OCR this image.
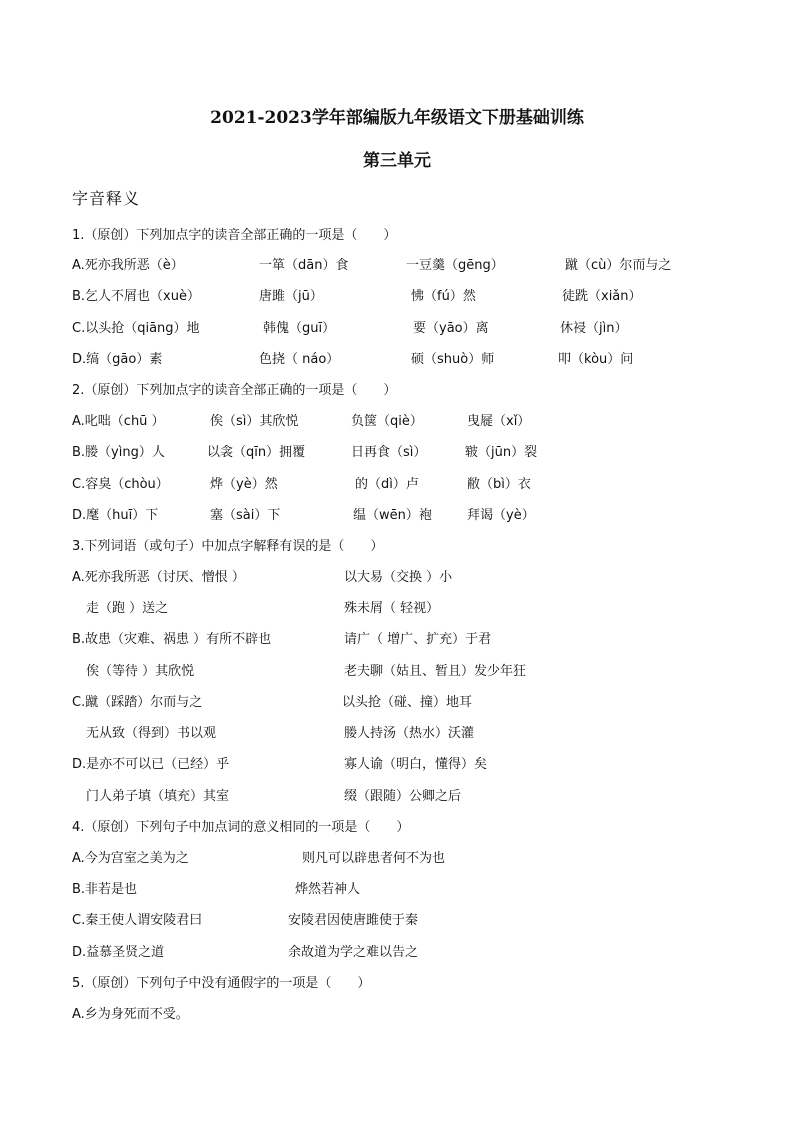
2021-2023学年部编版九年级语文下册基础训练
第三单元
字音释义
1.（原创）下列加点字的读音全部正确的一项是（　　）
A.死亦我所恶（è）	一箪（dān）食	一豆羹（gēng）	蹴（cù）尔而与之
B.乞人不屑也（xuè）	唐雎（jū）	怫（fú）然	徒跣（xiǎn）
C.以头抢（qiāng）地	韩傀（guī）	要（yāo）离	休祲（jìn）
D.缟（gāo）素	色挠（ náo）	硕（shuò）师	叩（kòu）问
2.（原创）下列加点字的读音全部正确的一项是（　　）
A.叱咄（chū ）	俟（sì）其欣悦	负箧（qiè）	曳屣（xǐ）
B.媵（yìng）人	以衾（qīn）拥覆	日再食（sì）	皲（jūn）裂
C.容臭（chòu）	烨（yè）然	的（dì）卢	敝（bì）衣
D.麾（huī）下	塞（sài）下	缊（wēn）袍	拜谒（yè）
3.下列词语（或句子）中加点字解释有误的是（　　）
A.死亦我所恶（讨厌、憎恨 ）	以大易（交换 ）小
走（跑 ）送之	殊未屑（ 轻视）
B.故患（灾难、祸患 ）有所不辟也	请广（ 增广、扩充）于君
俟（等待 ）其欣悦	老夫聊（姑且、暂且）发少年狂
C.蹴（踩踏）尔而与之	以头抢（碰、撞）地耳
无从致（得到）书以观	媵人持汤（热水）沃灌
D.是亦不可以已（已经）乎	寡人谕（明白，懂得）矣
门人弟子填（填充）其室	缀（跟随）公卿之后
4.（原创）下列句子中加点词的意义相同的一项是（　　）
A.今为宫室之美为之	则凡可以辟患者何不为也
B.非若是也	烨然若神人
C.秦王使人谓安陵君曰	安陵君因使唐雎使于秦
D.益慕圣贤之道	余故道为学之难以告之
5.（原创）下列句子中没有通假字的一项是（　　）
A.乡为身死而不受。
